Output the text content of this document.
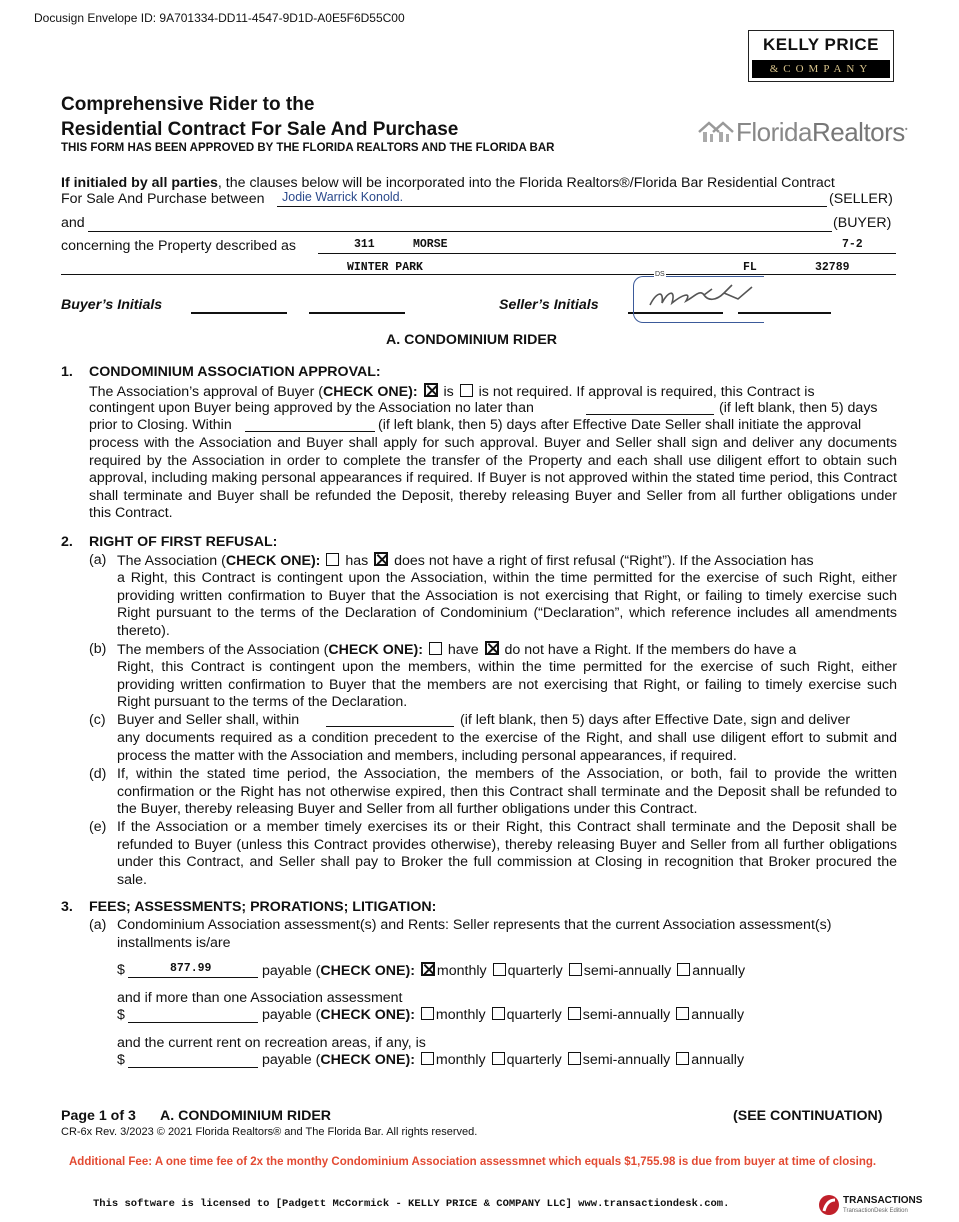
Docusign Envelope ID: 9A701334-DD11-4547-9D1D-A0E5F6D55C00
KELLY PRICE
&COMPANY
Comprehensive Rider to the
Residential Contract For Sale And Purchase
THIS FORM HAS BEEN APPROVED BY THE FLORIDA REALTORS AND THE FLORIDA BAR
FloridaRealtors•
If initialed by all parties, the clauses below will be incorporated into the Florida Realtors®/Florida Bar Residential Contract
For Sale And Purchase between Jodie Warrick Konold.	(SELLER)
and	(BUYER)
concerning the Property described as	311	MORSE	7-2
WINTER PARK	FL	32789
Buyer’s Initials	Seller’s Initials
DS
A. CONDOMINIUM RIDER
1. CONDOMINIUM ASSOCIATION APPROVAL:
The Association’s approval of Buyer (CHECK ONE): is is not required. If approval is required, this Contract is
contingent upon Buyer being approved by the Association no later than	(if left blank, then 5) days
prior to Closing. Within	(if left blank, then 5) days after Effective Date Seller shall initiate the approval
process with the Association and Buyer shall apply for such approval. Buyer and Seller shall sign and deliver any documents required by the Association in order to complete the transfer of the Property and each shall use diligent effort to obtain such approval, including making personal appearances if required. If Buyer is not approved within the stated time period, this Contract shall terminate and Buyer shall be refunded the Deposit, thereby releasing Buyer and Seller from all further obligations under this Contract.
2. RIGHT OF FIRST REFUSAL:
(a) The Association (CHECK ONE): has does not have a right of first refusal (“Right”). If the Association has
a Right, this Contract is contingent upon the Association, within the time permitted for the exercise of such Right, either providing written confirmation to Buyer that the Association is not exercising that Right, or failing to timely exercise such Right pursuant to the terms of the Declaration of Condominium (“Declaration”, which reference includes all amendments thereto).
(b) The members of the Association (CHECK ONE): have do not have a Right. If the members do have a
Right, this Contract is contingent upon the members, within the time permitted for the exercise of such Right, either providing written confirmation to Buyer that the members are not exercising that Right, or failing to timely exercise such Right pursuant to the terms of the Declaration.
(c) Buyer and Seller shall, within	(if left blank, then 5) days after Effective Date, sign and deliver
any documents required as a condition precedent to the exercise of the Right, and shall use diligent effort to submit and process the matter with the Association and members, including personal appearances, if required.
(d) If, within the stated time period, the Association, the members of the Association, or both, fail to provide the written confirmation or the Right has not otherwise expired, then this Contract shall terminate and the Deposit shall be refunded to the Buyer, thereby releasing Buyer and Seller from all further obligations under this Contract.
(e) If the Association or a member timely exercises its or their Right, this Contract shall terminate and the Deposit shall be refunded to Buyer (unless this Contract provides otherwise), thereby releasing Buyer and Seller from all further obligations under this Contract, and Seller shall pay to Broker the full commission at Closing in recognition that Broker procured the sale.
3. FEES; ASSESSMENTS; PRORATIONS; LITIGATION:
(a) Condominium Association assessment(s) and Rents: Seller represents that the current Association assessment(s)
installments is/are
$	877.99	payable (CHECK ONE): monthly quarterly semi-annually annually
and if more than one Association assessment
$	payable (CHECK ONE): monthly quarterly semi-annually annually
and the current rent on recreation areas, if any, is
$	payable (CHECK ONE): monthly quarterly semi-annually annually
Page 1 of 3 A. CONDOMINIUM RIDER	(SEE CONTINUATION)
CR-6x Rev. 3/2023 © 2021 Florida Realtors® and The Florida Bar. All rights reserved.
Additional Fee: A one time fee of 2x the monthy Condominium Association assessmnet which equals $1,755.98 is due from buyer at time of closing.
This software is licensed to [Padgett McCormick - KELLY PRICE & COMPANY LLC] www.transactiondesk.com.	TRANSACTIONS
TransactionDesk Edition
